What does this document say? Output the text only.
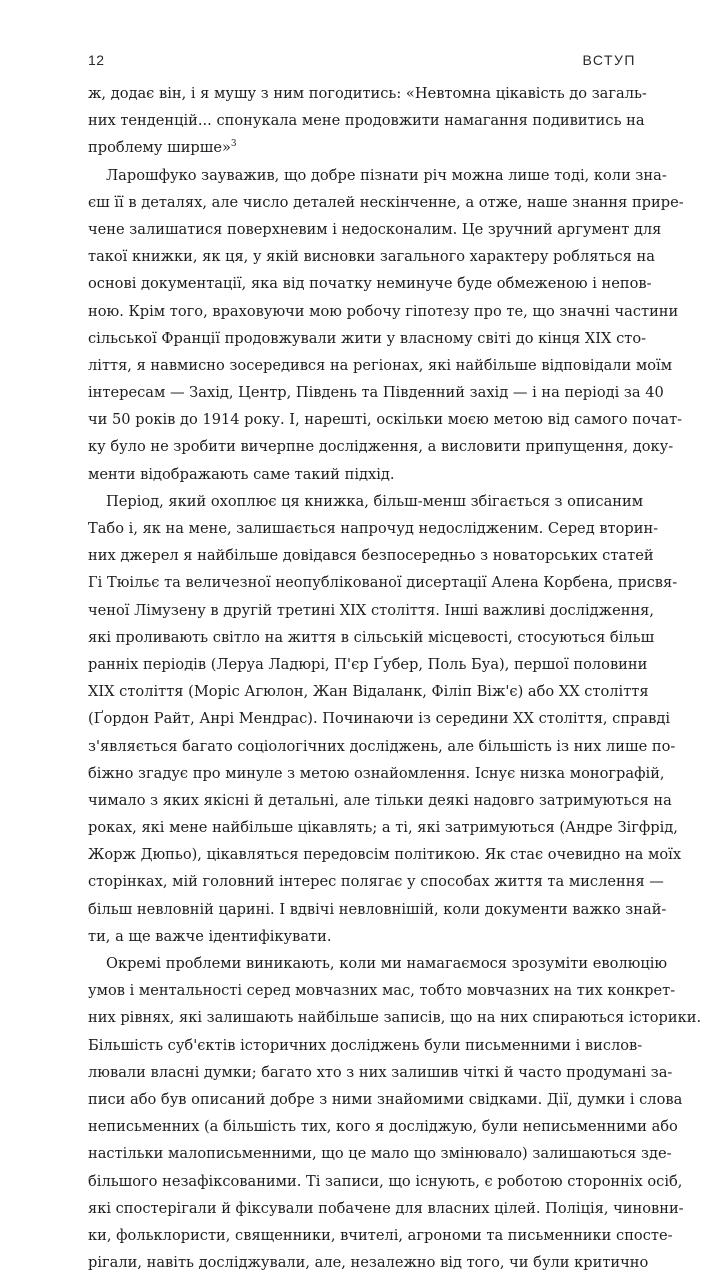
12	ВСТУП
ж, додає він, і я мушу з ним погодитись: «Невтомна цікавість до загаль-
них тенденцій... спонукала мене продовжити намагання подивитись на
проблему ширше»$^3$
Ларошфуко зауважив, що добре пізнати річ можна лише тоді, коли зна-
єш її в деталях, але число деталей нескінченне, а отже, наше знання прире-
чене залишатися поверхневим і недосконалим. Це зручний аргумент для
такої книжки, як ця, у якій висновки загального характеру робляться на
основі документації, яка від початку неминуче буде обмеженою і непов-
ною. Крім того, враховуючи мою робочу гіпотезу про те, що значні частини
сільської Франції продовжували жити у власному світі до кінця XIX сто-
ліття, я навмисно зосередився на регіонах, які найбільше відповідали моїм
інтересам — Захід, Центр, Південь та Південний захід — і на періоді за 40
чи 50 років до 1914 року. І, нарешті, оскільки моєю метою від самого почат-
ку було не зробити вичерпне дослідження, а висловити припущення, доку-
менти відображають саме такий підхід.
Період, який охоплює ця книжка, більш-менш збігається з описаним
Табо і, як на мене, залишається напрочуд недослідженим. Серед вторин-
них джерел я найбільше довідався безпосередньо з новаторських статей
Гі Тюільє та величезної неопублікованої дисертації Алена Корбена, присвя-
ченої Лімузену в другій третині XIX століття. Інші важливі дослідження,
які проливають світло на життя в сільській місцевості, стосуються більш
ранніх періодів (Леруа Ладюрі, П'єр Ґубер, Поль Буа), першої половини
XIX століття (Моріс Агюлон, Жан Відаланк, Філіп Віж'є) або XX століття
(Ґордон Райт, Анрі Мендрас). Починаючи із середини XX століття, справді
з'являється багато соціологічних досліджень, але більшість із них лише по-
біжно згадує про минуле з метою ознайомлення. Існує низка монографій,
чимало з яких якісні й детальні, але тільки деякі надовго затримуються на
роках, які мене найбільше цікавлять; а ті, які затримуються (Андре Зігфрід,
Жорж Дюпьо), цікавляться передовсім політикою. Як стає очевидно на моїх
сторінках, мій головний інтерес полягає у способах життя та мислення —
більш невловній царині. І вдвічі невловнішій, коли документи важко знай-
ти, а ще важче ідентифікувати.
Окремі проблеми виникають, коли ми намагаємося зрозуміти еволюцію
умов і ментальності серед мовчазних мас, тобто мовчазних на тих конкрет-
них рівнях, які залишають найбільше записів, що на них спираються історики.
Більшість суб'єктів історичних досліджень були письменними і вислов-
лювали власні думки; багато хто з них залишив чіткі й часто продумані за-
писи або був описаний добре з ними знайомими свідками. Дії, думки і слова
неписьменних (а більшість тих, кого я досліджую, були неписьменними або
настільки малописьменними, що це мало що змінювало) залишаються зде-
більшого незафіксованими. Ті записи, що існують, є роботою сторонніх осіб,
які спостерігали й фіксували побачене для власних цілей. Поліція, чиновни-
ки, фольклористи, священники, вчителі, агрономи та письменники спосте-
рігали, навіть досліджували, але, незалежно від того, чи були критично
